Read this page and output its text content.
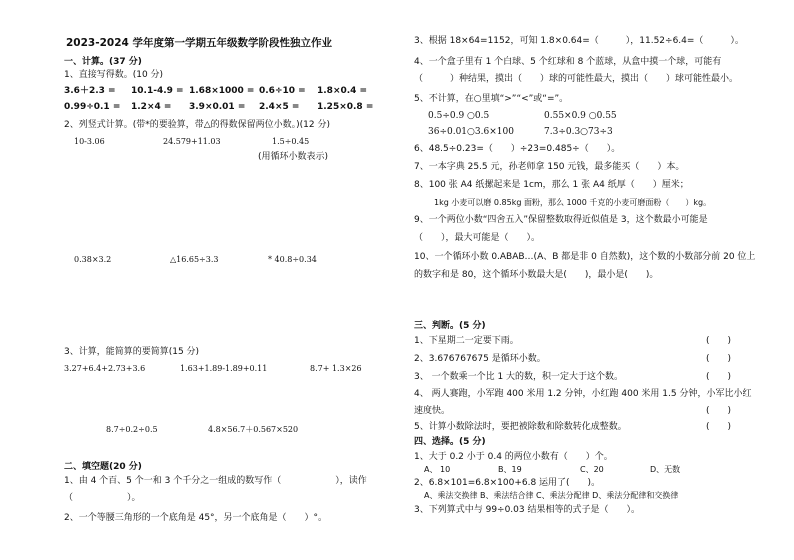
2023-2024 学年度第一学期五年级数学阶段性独立作业
一、计算。(37 分)
1、直接写得数。(10 分)
3.6＋2.3 = 10.1-4.9 = 1.68×1000 = 0.6÷10 = 1.8×0.4 =
0.99÷0.1 = 1.2×4 = 3.9×0.01 = 2.4×5 = 1.25×0.8 =
2、列竖式计算。(带*的要验算，带△的得数保留两位小数。)(12 分)
10-3.06	24.579+11.03	1.5÷0.45
(用循环小数表示)
0.38×3.2	△16.65÷3.3	* 40.8÷0.34
3、计算，能简算的要简算(15 分)
3.27+6.4+2.73+3.6	1.63+1.89-1.89+0.11	8.7+ 1.3×26
8.7÷0.2÷0.5	4.8×56.7＋0.567×520
二、填空题(20 分)
1、由 4 个百、5 个一和 3 个千分之一组成的数写作（　　　　　　），读作
（　　　　　　）。
2、一个等腰三角形的一个底角是 45°，另一个底角是（　　）°。
3、根据 18×64=1152，可知 1.8×0.64=（　　　），11.52÷6.4=（　　　）。
4、一个盒子里有 1 个白球、5 个红球和 8 个蓝球，从盒中摸一个球，可能有
（　　　）种结果，摸出（　　）球的可能性最大，摸出（　　）球可能性最小。
5、不计算，在○里填“>”“<”或“=”。
0.5÷0.9 ○0.5	0.55×0.9 ○0.55
36÷0.01○3.6×100	7.3÷0.3○73÷3
6、48.5÷0.23=（　　）÷23=0.485÷（　　）。
7、一本字典 25.5 元，孙老师拿 150 元钱，最多能买（　　）本。
8、100 张 A4 纸摞起来是 1cm，那么 1 张 A4 纸厚（　　）厘米；
1kg 小麦可以磨 0.85kg 面粉，那么 1000 千克的小麦可磨面粉（　　）kg。
9、一个两位小数“四舍五入”保留整数取得近似值是 3，这个数最小可能是
（　　），最大可能是（　　）。
10、一个循环小数 0.ABAB…(A、B 都是非 0 自然数)，这个数的小数部分前 20 位上
的数字和是 80，这个循环小数最大是(　　)，最小是(　　)。
三、判断。(5 分)
1、下星期二一定要下雨。	(　　)
2、3.676767675 是循环小数。	(　　)
3、 一个数乘一个比 1 大的数，积一定大于这个数。	(　　)
4、 两人赛跑，小军跑 400 米用 1.2 分钟，小红跑 400 米用 1.5 分钟，小军比小红
速度快。	(　　)
5、计算小数除法时，要把被除数和除数转化成整数。	(　　)
四、选择。(5 分)
1、大于 0.2 小于 0.4 的两位小数有（　　）个。
A、 10	B、19	C、20	D、无数
2、6.8×101=6.8×100+6.8 运用了(　　)。
A、乘法交换律 B、乘法结合律 C、乘法分配律 D、乘法分配律和交换律
3、下列算式中与 99÷0.03 结果相等的式子是（　　）。
